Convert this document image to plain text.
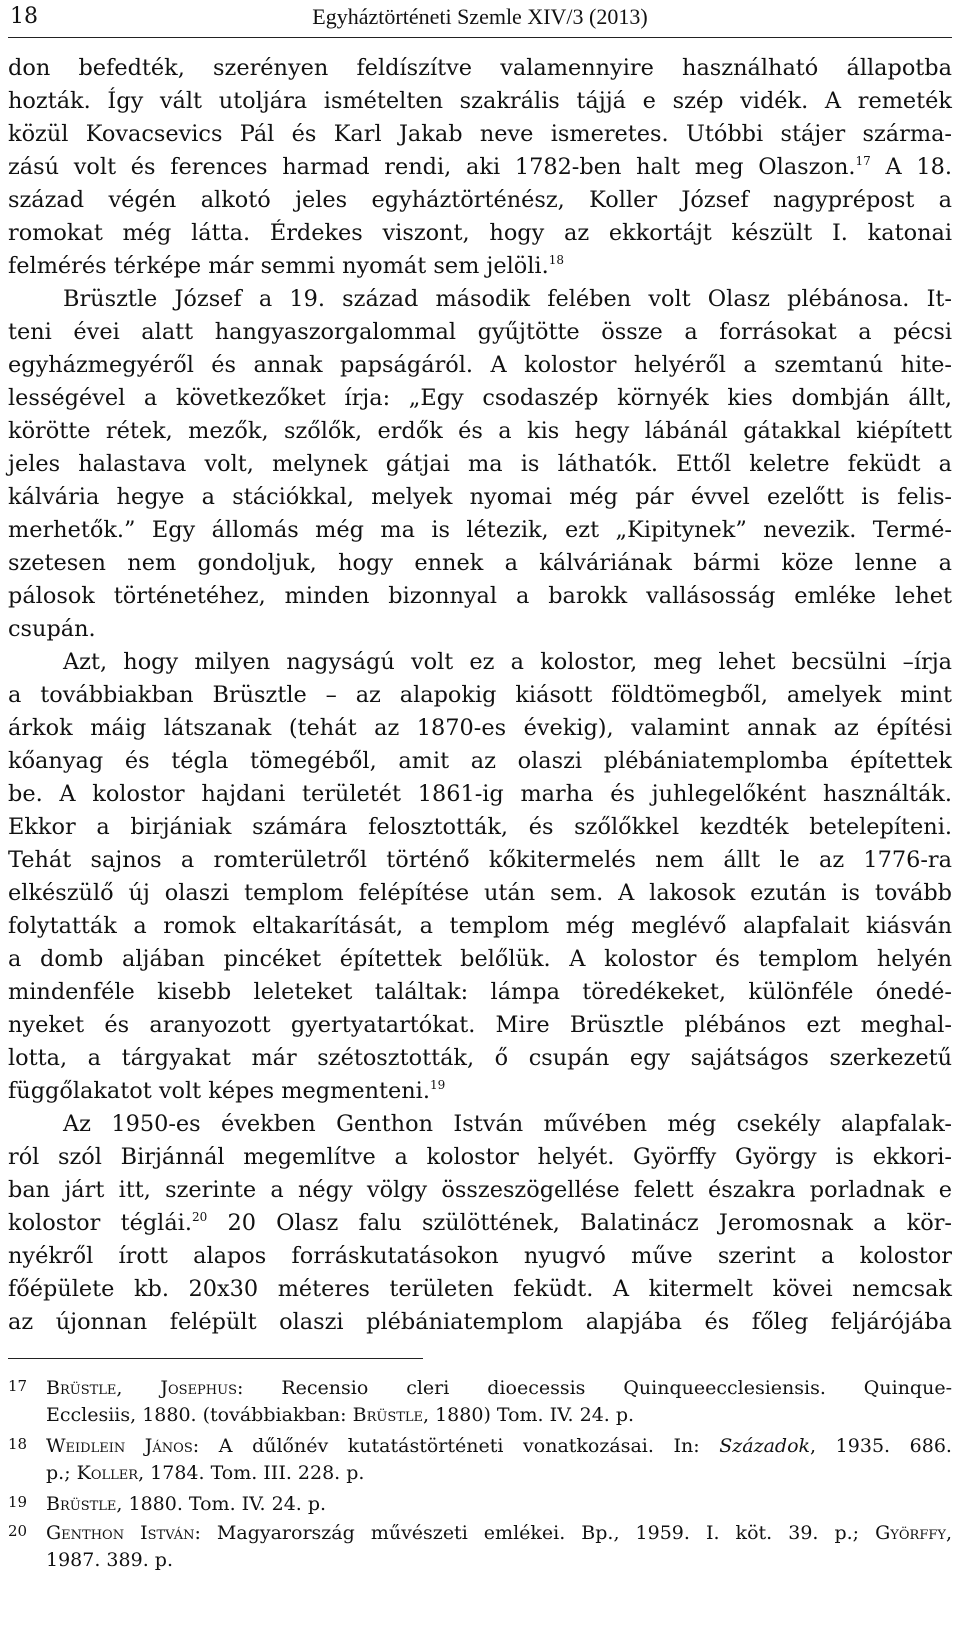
18	Egyháztörténeti Szemle XIV/3 (2013)
don befedték, szerényen feldíszítve valamennyire használható állapotba
hozták. Így vált utoljára ismételten szakrális tájjá e szép vidék. A remeték
közül Kovacsevics Pál és Karl Jakab neve ismeretes. Utóbbi stájer szárma-
zású volt és ferences harmad rendi, aki 1782-ben halt meg Olaszon.$^{17}$ A 18.
század végén alkotó jeles egyháztörténész, Koller József nagyprépost a
romokat még látta. Érdekes viszont, hogy az ekkortájt készült I. katonai
felmérés térképe már semmi nyomát sem jelöli.$^{18}$
Brüsztle József a 19. század második felében volt Olasz plébánosa. It-
teni évei alatt hangyaszorgalommal gyűjtötte össze a forrásokat a pécsi
egyházmegyéről és annak papságáról. A kolostor helyéről a szemtanú hite-
lességével a következőket írja: „Egy csodaszép környék kies dombján állt,
körötte rétek, mezők, szőlők, erdők és a kis hegy lábánál gátakkal kiépített
jeles halastava volt, melynek gátjai ma is láthatók. Ettől keletre feküdt a
kálvária hegye a stációkkal, melyek nyomai még pár évvel ezelőtt is felis-
merhetők.” Egy állomás még ma is létezik, ezt „Kipitynek” nevezik. Termé-
szetesen nem gondoljuk, hogy ennek a kálváriának bármi köze lenne a
pálosok történetéhez, minden bizonnyal a barokk vallásosság emléke lehet
csupán.
Azt, hogy milyen nagyságú volt ez a kolostor, meg lehet becsülni –írja
a továbbiakban Brüsztle – az alapokig kiásott földtömegből, amelyek mint
árkok máig látszanak (tehát az 1870-es évekig), valamint annak az építési
kőanyag és tégla tömegéből, amit az olaszi plébániatemplomba építettek
be. A kolostor hajdani területét 1861-ig marha és juhlegelőként használták.
Ekkor a birjániak számára felosztották, és szőlőkkel kezdték betelepíteni.
Tehát sajnos a romterületről történő kőkitermelés nem állt le az 1776-ra
elkészülő új olaszi templom felépítése után sem. A lakosok ezután is tovább
folytatták a romok eltakarítását, a templom még meglévő alapfalait kiásván
a domb aljában pincéket építettek belőlük. A kolostor és templom helyén
mindenféle kisebb leleteket találtak: lámpa töredékeket, különféle ónedé-
nyeket és aranyozott gyertyatartókat. Mire Brüsztle plébános ezt meghal-
lotta, a tárgyakat már szétosztották, ő csupán egy sajátságos szerkezetű
függőlakatot volt képes megmenteni.$^{19}$
Az 1950-es években Genthon István művében még csekély alapfalak-
ról szól Birjánnál megemlítve a kolostor helyét. Györffy György is ekkori-
ban járt itt, szerinte a négy völgy összeszögellése felett északra porladnak e
kolostor téglái.$^{20}$ 20 Olasz falu szülöttének, Balatinácz Jeromosnak a kör-
nyékről írott alapos forráskutatásokon nyugvó műve szerint a kolostor
főépülete kb. 20x30 méteres területen feküdt. A kitermelt kövei nemcsak
az újonnan felépült olaszi plébániatemplom alapjába és főleg feljárójába
17 Brüstle, Josephus: Recensio cleri dioecessis Quinqueecclesiensis. Quinque-
Ecclesiis, 1880. (továbbiakban: Brüstle, 1880) Tom. IV. 24. p.
18 Weidlein János: A dűlőnév kutatástörténeti vonatkozásai. In: Századok, 1935. 686.
p.; Koller, 1784. Tom. III. 228. p.
19 Brüstle, 1880. Tom. IV. 24. p.
20 Genthon István: Magyarország művészeti emlékei. Bp., 1959. I. köt. 39. p.; Györffy,
1987. 389. p.
